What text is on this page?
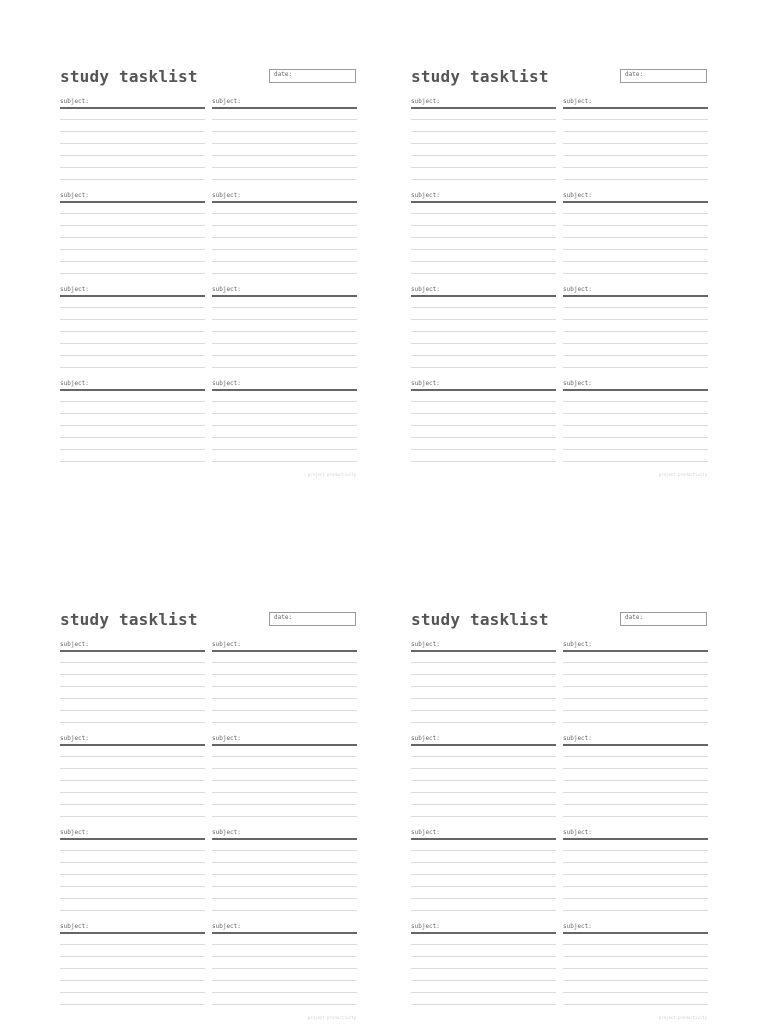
study tasklist	date:
subject:	subject:
subject:	subject:
subject:	subject:
subject:	subject:
project productivity
study tasklist	date:
subject:	subject:
subject:	subject:
subject:	subject:
subject:	subject:
project productivity
study tasklist	date:
subject:	subject:
subject:	subject:
subject:	subject:
subject:	subject:
project productivity
study tasklist	date:
subject:	subject:
subject:	subject:
subject:	subject:
subject:	subject:
project productivity
